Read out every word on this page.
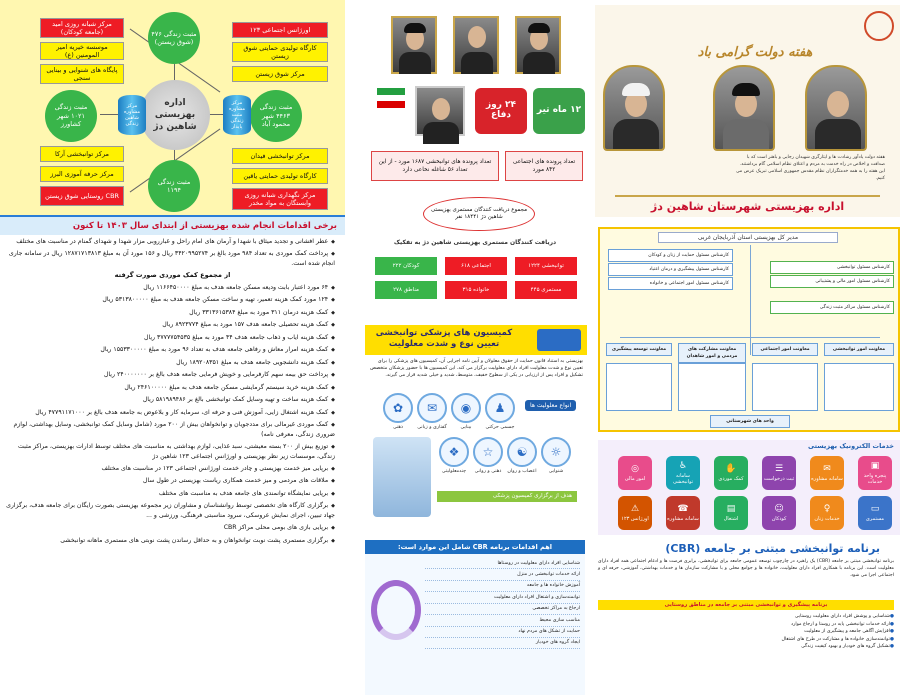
اداره بهزیستی شاهین دژ
مثبت زندگی ۴۷۶ (شوق زیستن)
مثبت زندگی ۴۴۶۳ شهر محمود آباد
مثبت زندگی ۱۱۹۴
مثبت زندگی ۱۰۲۱ شهر کشاورز
مرکز مشاوره شاهین زندگی
مرکز مشاوره مثبت زندگی پایدار
مرکز شبانه روزی امید (جامعه کودکان)
موسسه خیریه امیر المومنین (ع)
پایگاه های شنوایی و بینایی سنجی
مرکز توانبخشی آرکا
مرکز حرفه آموزی البرز
CBR روستایی شوق زیستن
اورژانس اجتماعی ۱۲۳
کارگاه تولیدی حمایتی شوق زیستن
مرکز شوق زیستن
مرکز توانبخشی فیدان
کارگاه تولیدی حمایتی یاقین
مرکز نگهداری شبانه روزی وابستگان به مواد مخدر
برخی اقدامات انجام شده بهزیستی از ابتدای سال ۱۴۰۳ تا کنون
◆ عطر افشانی و تجدید میثاق با شهدا و آرمان های امام راحل و غبارروبی مزار شهدا و شهدای گمنام در مناسبت های مختلف
◆ پرداخت کمک موردی به تعداد ۹۸۴ مورد بالغ بر ۳۴۲۰۹۹۵۲۷۴ ریال و ۱۵۶ مورد آن به مبلغ ۱۲۸۷۱۷۱۳۸۱۳ ریال در سامانه جاری انجام شده است.
از مجموع کمک موردی صورت گرفته
◆ ۶۴ مورد اعتبار بابت ودیعه مسکن جامعه هدف به مبلغ ۱۱۶۶۴۵۰۰۰۰ ریال
◆ ۱۲۴ مورد کمک هزینه تعمیر، تهیه و ساخت مسکن جامعه هدف به مبلغ ۵۳۱۳۸۰۰۰۰۰ ریال
◆ کمک هزینه درمان ۳۱۱ مورد به مبلغ ۳۳۱۳۶۱۵۳۸۴ ریال
◆ کمک هزینه تحصیلی جامعه هدف ۱۵۷ مورد به مبلغ ۸۹۲۳۷۷۴ ریال
◆ کمک هزینه ایاب و ذهاب جامعه هدف ۴۴ مورد به مبلغ ۳۷۷۷۷۵۴۵۳۵ ریال
◆ کمک هزینه امرار معاش و رفاهی جامعه هدف به تعداد ۹۶ مورد به مبلغ ۱۵۵۳۳۰۰۰۰۰ ریال
◆ کمک هزینه دانشجویی جامعه هدف به مبلغ ۱۸۹۲۰۸۳۵۱ ریال
◆ پرداخت حق بیمه سهم کارفرمایی و خویش فرمایی جامعه هدف بالغ بر ۲۴۰۰۰۰۰۰۰ ریال
◆ کمک هزینه خرید سیستم گرمایشی مسکن جامعه هدف به مبلغ ۲۴۶۱۰۰۰۰۰ ریال
◆ کمک هزینه ساخت و تهیه وسایل کمک توانبخشی بالغ بر ۵۸۱۹۸۹۴۸۶ ریال
◆ کمک هزینه اشتغال زایی، آموزش فنی و حرفه ای، سرمایه کار و بلاعوض به جامعه هدف بالغ بر ۴۷۷۹۱۱۷۱۰۰۰ ریال
◆ کمک موردی غیرمالی برای مددجویان و توانخواهان بیش از ۲۰۰ مورد (شامل وسایل کمک توانبخشی، وسایل بهداشتی، لوازم ضروری زندگی، معرفی نامه)
◆ توزیع بیش از ۲۰۰ بسته معیشتی، سبد غذایی، لوازم بهداشتی به مناسبت های مختلف توسط ادارات بهزیستی، مراکز مثبت زندگی، موسسات زیر نظر بهزیستی و اورژانس اجتماعی ۱۲۳ شاهین دژ
◆ برپایی میز خدمت بهزیستی و چادر خدمت اورژانس اجتماعی ۱۲۳ در مناسبت های مختلف
◆ ملاقات های مردمی و میز خدمت همکاری ریاست بهزیستی در طول سال
◆ برپایی نمایشگاه توانمندی های جامعه هدف به مناسبت های مختلف
◆ برگزاری کارگاه های تخصصی توسط روانشناسان و مشاوران زیر مجموعه بهزیستی بصورت رایگان برای جامعه هدف، برگزاری جهاد تبیین، اجرای نمایش عروسکی، سرود مناسبتی فرهنگی، ورزشی و ...
◆ برپایی بازی های بومی محلی مراکز CBR
◆ برگزاری مستمری پشت نوبت توانخواهان و به حداقل رساندن پشت نوبتی های مستمری ماهانه توانبخشی
۱۲ ماه تیر
۲۴ روز دفاع
تعداد پرونده های اجتماعی ۸۴۲ مورد
تعداد پرونده های توانبخشی ۱۶۸۷ مورد - از این تعداد ۵۶ شاغله نخاعی دارد
مجموع دریافت کنندگان مستمری بهزیستی شاهین دژ ۱۸۴۴۱ نفر
دریافت کنندگان مستمری بهزیستی شاهین دژ به تفکیک
توانبخشی ۱۲۲۴
اجتماعی ۶۱۸
کودکان ۲۲۲
مستمری ۴۴۵
خانواده ۳۱۵
مناطق ۲۷۸
کمیسیون های پزشکی توانبخشی تعیین نوع و شدت معلولیت
بهزیستی به استناد قانون حمایت از حقوق معلولان و آیین نامه اجرایی آن، کمیسیون های پزشکی را برای تعیین نوع و شدت معلولیت افراد دارای معلولیت برگزار می کند. این کمیسیون ها با حضور پزشکان متخصص تشکیل و افراد پس از ارزیابی در یکی از سطوح خفیف، متوسط، شدید و خیلی شدید قرار می گیرند.
انواع معلولیت ها
♟
◉
✉
✿
جسمی حرکتی
بینایی
گفتاری و زبانی
ذهنی
☼
☯
☆
❖
شنوایی
اعصاب و روان
ذهنی و روانی
چندمعلولیتی
هدف از برگزاری کمیسیون پزشکی
اهم اقدامات برنامه CBR شامل این موارد است:
شناسایی افراد دارای معلولیت در روستاها
ارائه خدمات توانبخشی در منزل
آموزش خانواده ها و جامعه
توانمندسازی و اشتغال افراد دارای معلولیت
ارجاع به مراکز تخصصی
مناسب سازی محیط
حمایت از تشکل های مردم نهاد
ایجاد گروه های خودیار
هفته دولت گرامی باد
هفته دولت یادآور رشادت ها و ایثارگری شهیدان رجایی و باهنر است که با صداقت و اخلاص در راه خدمت به مردم و اعتلای نظام اسلامی گام برداشتند. این هفته را به همه خدمتگزاران نظام مقدس جمهوری اسلامی تبریک عرض می کنیم.
اداره بهزیستی شهرستان شاهین دژ
مدیر کل بهزیستی استان آذربایجان غربی
کارشناس مسئول حمایت از زنان و کودکان
کارشناس مسئول پیشگیری و درمان اعتیاد
کارشناس مسئول امور اجتماعی و خانواده
کارشناس مسئول توانبخشی
کارشناس مسئول امور مالی و پشتیبانی
کارشناس مسئول مراکز مثبت زندگی
معاونت توسعه پیشگیری	معاونت مشارکت های مردمی و امور شاهدان
معاونت امور اجتماعی	معاونت امور توانبخشی
واحد های شهرستانی
خدمات الکترونیک بهزیستی
▣
پنجره واحد خدمات
✉
سامانه مشاوره
☰
ثبت درخواست
✋
کمک موردی
♿
سامانه توانبخشی
◎
امور مالی
▭
مستمری
♀
خدمات زنان
☺
کودکان
▤
اشتغال
☎
سامانه مشاوره
⚠
اورژانس ۱۲۳
برنامه توانبخشی مبتنی بر جامعه (CBR)
برنامه توانبخشی مبتنی بر جامعه (CBR) یک راهبرد در چارچوب توسعه عمومی جامعه برای توانبخشی، برابری فرصت ها و ادغام اجتماعی همه افراد دارای معلولیت است. این برنامه با همکاری افراد دارای معلولیت، خانواده ها و جوامع محلی و با مشارکت سازمان ها و خدمات بهداشتی، آموزشی، حرفه ای و اجتماعی اجرا می شود.
برنامه پیشگیری و توانبخشی مبتنی بر جامعه در مناطق روستایی
● شناسایی و پوشش افراد دارای معلولیت روستایی
● ارائه خدمات توانبخشی پایه در روستا و ارجاع موارد
● افزایش آگاهی جامعه و پیشگیری از معلولیت
● توانمندسازی خانواده ها و مشارکت در طرح های اشتغال
● تشکیل گروه های خودیار و بهبود کیفیت زندگی
